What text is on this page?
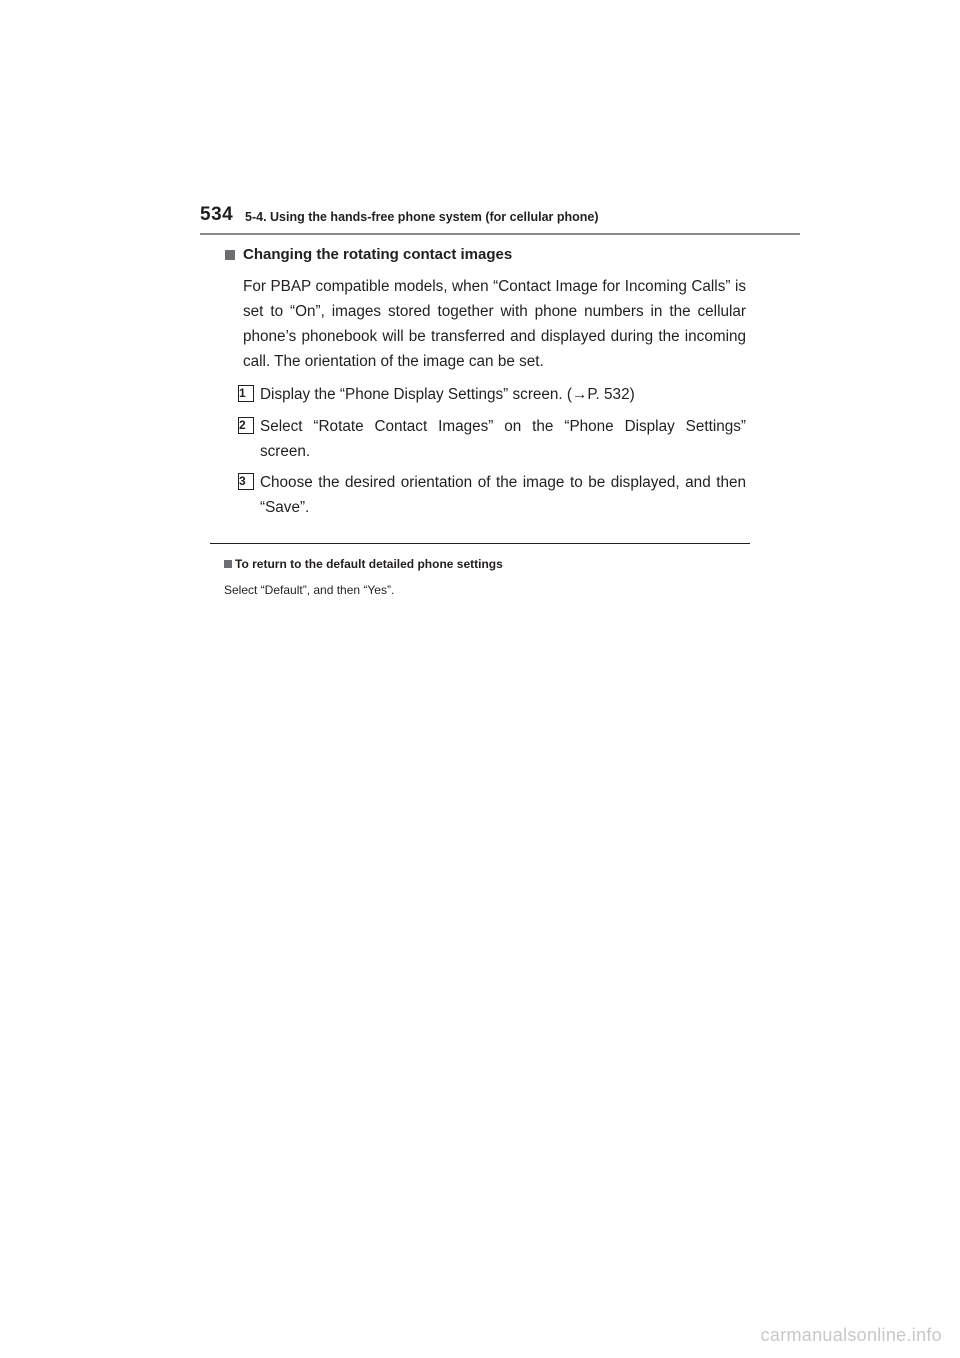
534 5-4. Using the hands-free phone system (for cellular phone)
Changing the rotating contact images

For PBAP compatible models, when “Contact Image for Incoming Calls” is set to “On”, images stored together with phone numbers in the cellular phone’s phonebook will be transferred and displayed during the incoming call. The orientation of the image can be set.

1 Display the “Phone Display Settings” screen. (→P. 532)
2 Select “Rotate Contact Images” on the “Phone Display Settings” screen.
3 Choose the desired orientation of the image to be displayed, and then “Save”.
To return to the default detailed phone settings
Select “Default”, and then “Yes”.
carmanualsonline.info
